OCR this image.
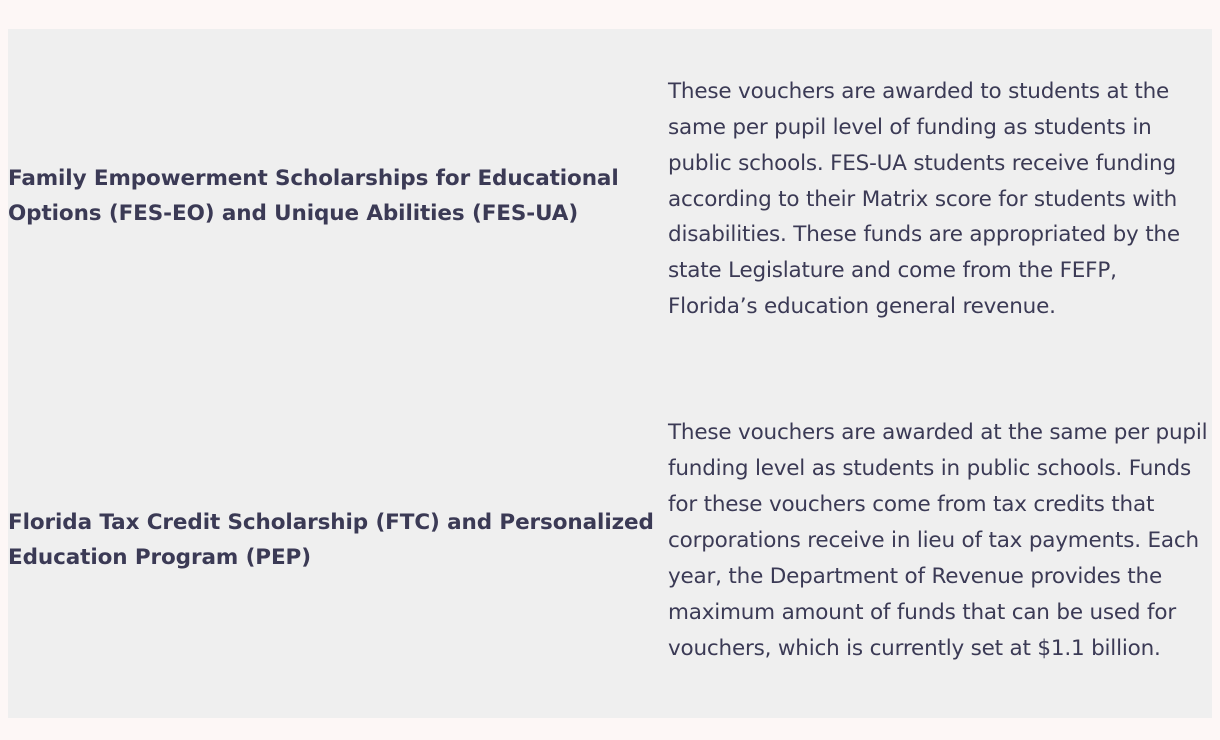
Family Empowerment Scholarships for Educational Options (FES-EO) and Unique Abilities (FES-UA)	These vouchers are awarded to students at the same per pupil level of funding as students in public schools. FES-UA students receive funding according to their Matrix score for students with disabilities. These funds are appropriated by the state Legislature and come from the FEFP, Florida’s education general revenue.

Florida Tax Credit Scholarship (FTC) and Personalized Education Program (PEP)	These vouchers are awarded at the same per pupil funding level as students in public schools. Funds for these vouchers come from tax credits that corporations receive in lieu of tax payments. Each year, the Department of Revenue provides the maximum amount of funds that can be used for vouchers, which is currently set at $1.1 billion.
